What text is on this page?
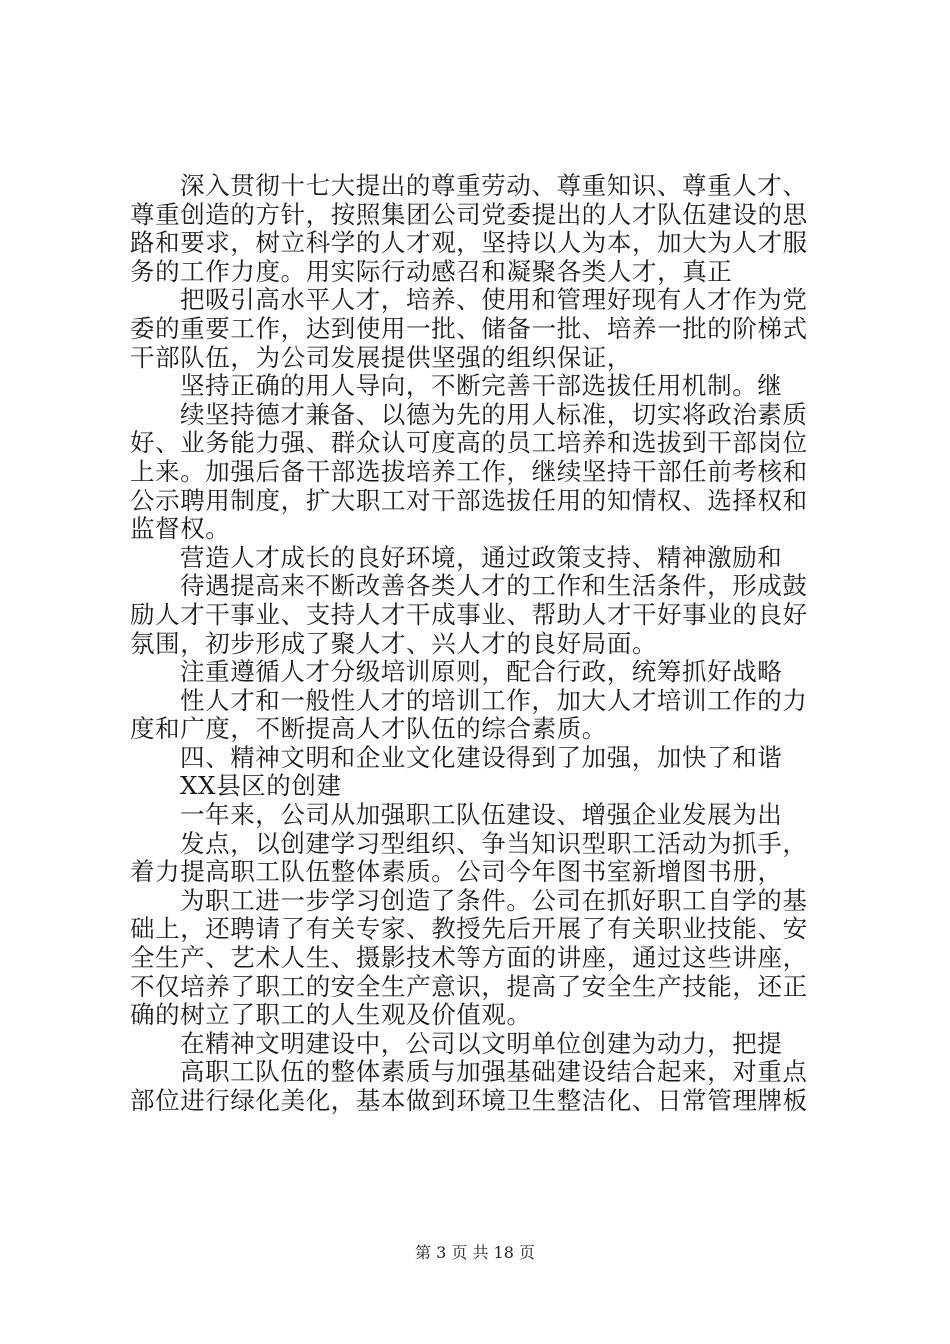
深入贯彻十七大提出的尊重劳动、尊重知识、尊重人才、
尊重创造的方针，按照集团公司党委提出的人才队伍建设的思
路和要求，树立科学的人才观，坚持以人为本，加大为人才服
务的工作力度。用实际行动感召和凝聚各类人才，真正
把吸引高水平人才，培养、使用和管理好现有人才作为党
委的重要工作，达到使用一批、储备一批、培养一批的阶梯式
干部队伍，为公司发展提供坚强的组织保证，
坚持正确的用人导向，不断完善干部选拔任用机制。继
续坚持德才兼备、以德为先的用人标准，切实将政治素质
好、业务能力强、群众认可度高的员工培养和选拔到干部岗位
上来。加强后备干部选拔培养工作，继续坚持干部任前考核和
公示聘用制度，扩大职工对干部选拔任用的知情权、选择权和
监督权。
营造人才成长的良好环境，通过政策支持、精神激励和
待遇提高来不断改善各类人才的工作和生活条件，形成鼓
励人才干事业、支持人才干成事业、帮助人才干好事业的良好
氛围，初步形成了聚人才、兴人才的良好局面。
注重遵循人才分级培训原则，配合行政，统筹抓好战略
性人才和一般性人才的培训工作，加大人才培训工作的力
度和广度，不断提高人才队伍的综合素质。
四、精神文明和企业文化建设得到了加强，加快了和谐
XX县区的创建
一年来，公司从加强职工队伍建设、增强企业发展为出
发点，以创建学习型组织、争当知识型职工活动为抓手，
着力提高职工队伍整体素质。公司今年图书室新增图书册，
为职工进一步学习创造了条件。公司在抓好职工自学的基
础上，还聘请了有关专家、教授先后开展了有关职业技能、安
全生产、艺术人生、摄影技术等方面的讲座，通过这些讲座，
不仅培养了职工的安全生产意识，提高了安全生产技能，还正
确的树立了职工的人生观及价值观。
在精神文明建设中，公司以文明单位创建为动力，把提
高职工队伍的整体素质与加强基础建设结合起来，对重点
部位进行绿化美化，基本做到环境卫生整洁化、日常管理牌板
第 3 页 共 18 页
